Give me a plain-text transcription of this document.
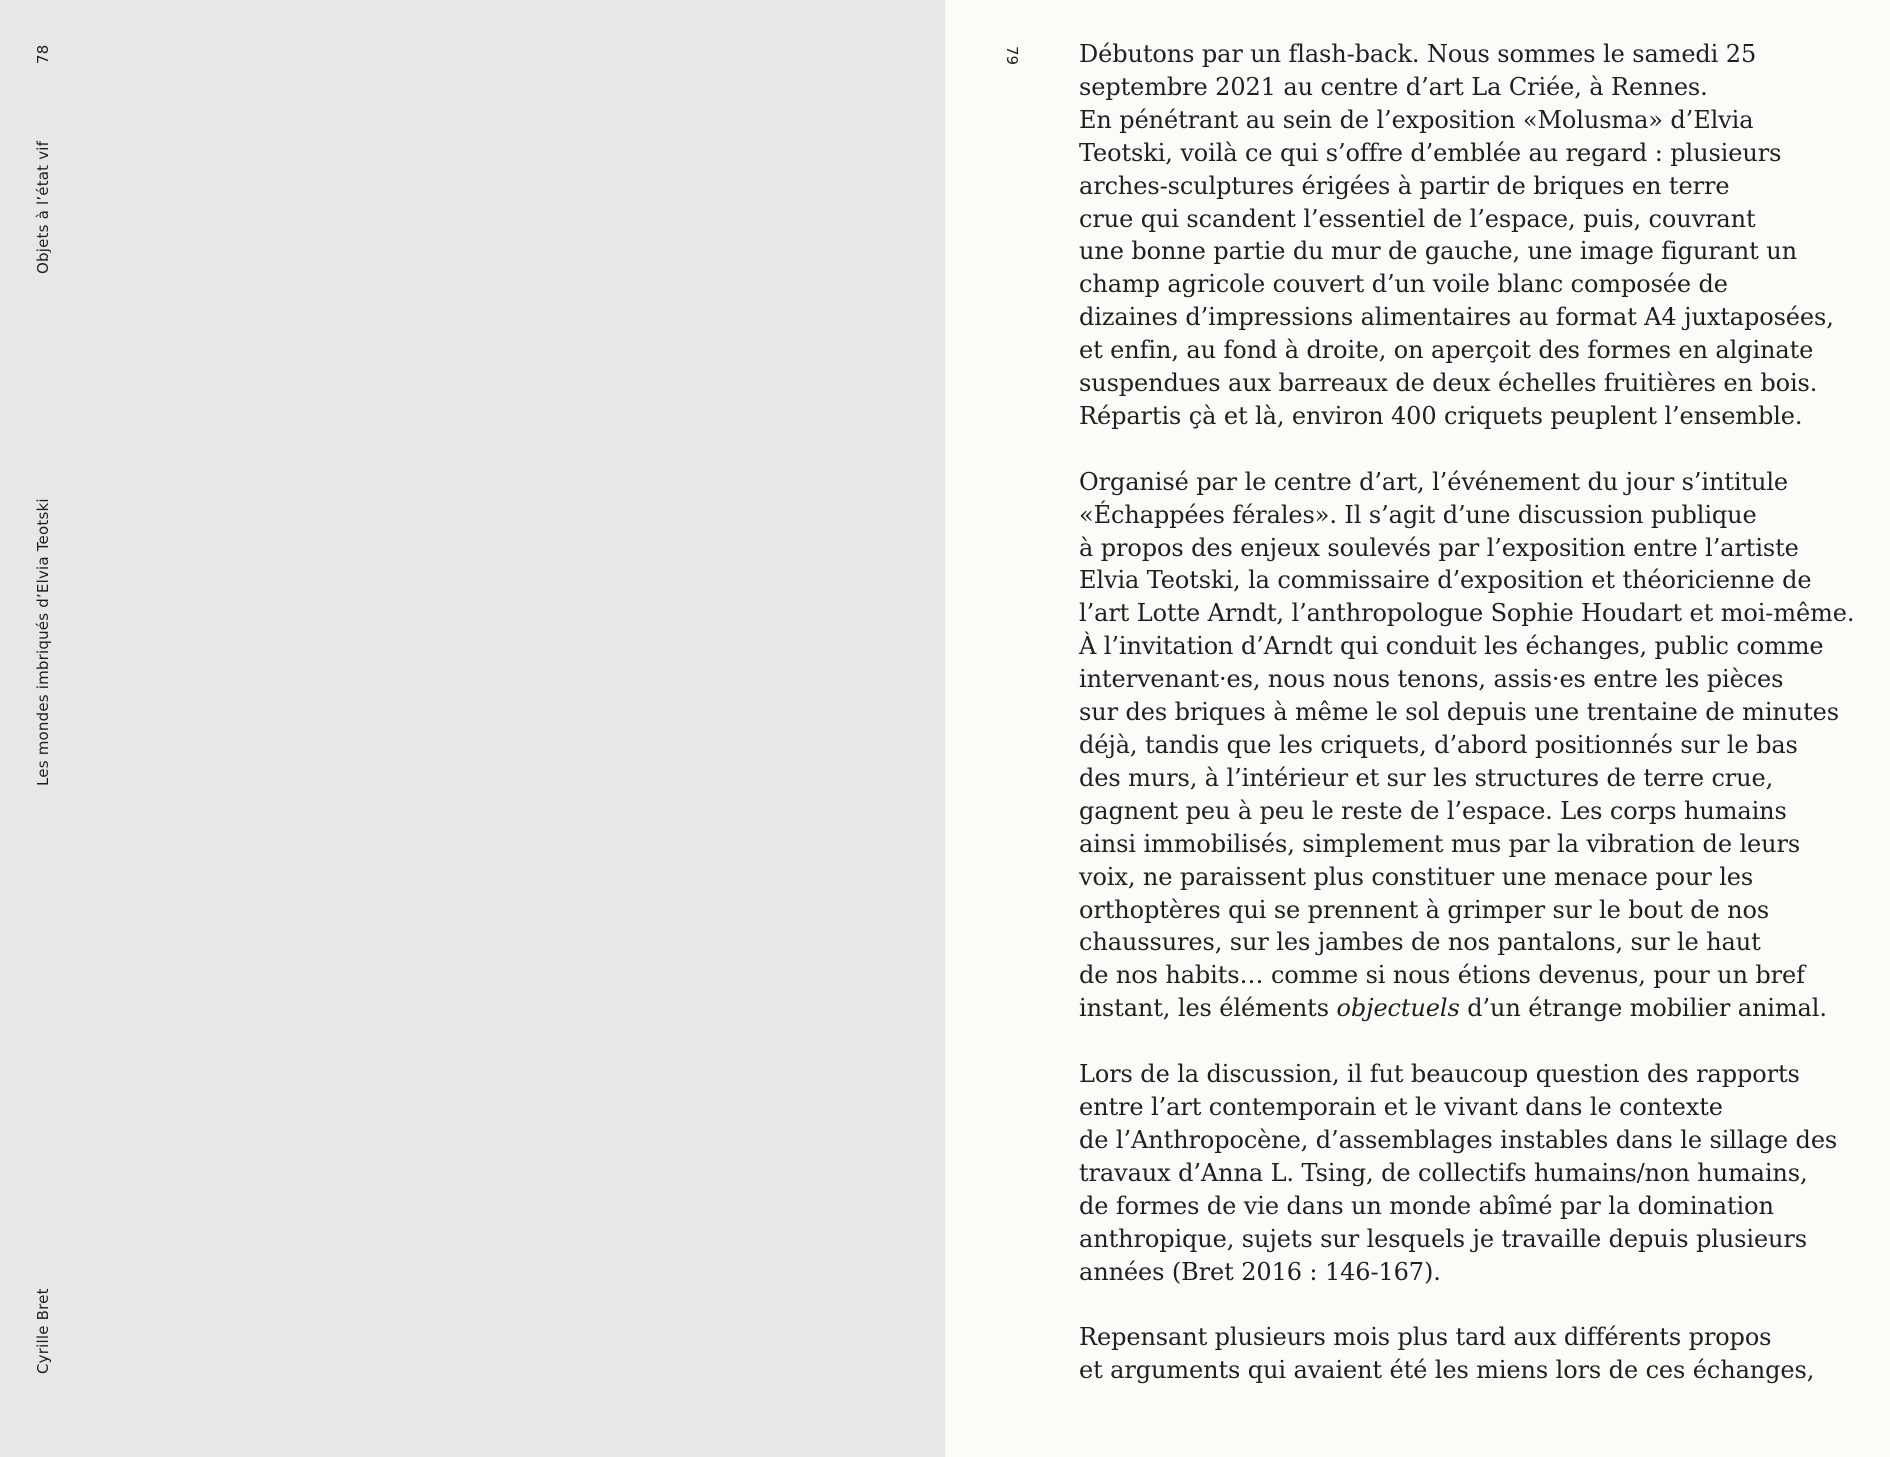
78
Objets à l’état vif
Les mondes imbriqués d’Elvia Teotski
Cyrille Bret
79 Débutons par un flash-back. Nous sommes le samedi 25
septembre 2021 au centre d’art La Criée, à Rennes.
En pénétrant au sein de l’exposition «Molusma» d’Elvia
Teotski, voilà ce qui s’offre d’emblée au regard : plusieurs
arches-sculptures érigées à partir de briques en terre
crue qui scandent l’essentiel de l’espace, puis, couvrant
une bonne partie du mur de gauche, une image figurant un
champ agricole couvert d’un voile blanc composée de
dizaines d’impressions alimentaires au format A4 juxtaposées,
et enfin, au fond à droite, on aperçoit des formes en alginate
suspendues aux barreaux de deux échelles fruitières en bois.
Répartis çà et là, environ 400 criquets peuplent l’ensemble.

Organisé par le centre d’art, l’événement du jour s’intitule
«Échappées férales». Il s’agit d’une discussion publique
à propos des enjeux soulevés par l’exposition entre l’artiste
Elvia Teotski, la commissaire d’exposition et théoricienne de
l’art Lotte Arndt, l’anthropologue Sophie Houdart et moi-même.
À l’invitation d’Arndt qui conduit les échanges, public comme
intervenant·es, nous nous tenons, assis·es entre les pièces
sur des briques à même le sol depuis une trentaine de minutes
déjà, tandis que les criquets, d’abord positionnés sur le bas
des murs, à l’intérieur et sur les structures de terre crue,
gagnent peu à peu le reste de l’espace. Les corps humains
ainsi immobilisés, simplement mus par la vibration de leurs
voix, ne paraissent plus constituer une menace pour les
orthoptères qui se prennent à grimper sur le bout de nos
chaussures, sur les jambes de nos pantalons, sur le haut
de nos habits… comme si nous étions devenus, pour un bref
instant, les éléments objectuels d’un étrange mobilier animal.

Lors de la discussion, il fut beaucoup question des rapports
entre l’art contemporain et le vivant dans le contexte
de l’Anthropocène, d’assemblages instables dans le sillage des
travaux d’Anna L. Tsing, de collectifs humains/non humains,
de formes de vie dans un monde abîmé par la domination
anthropique, sujets sur lesquels je travaille depuis plusieurs
années (Bret 2016 : 146-167).

Repensant plusieurs mois plus tard aux différents propos
et arguments qui avaient été les miens lors de ces échanges,
